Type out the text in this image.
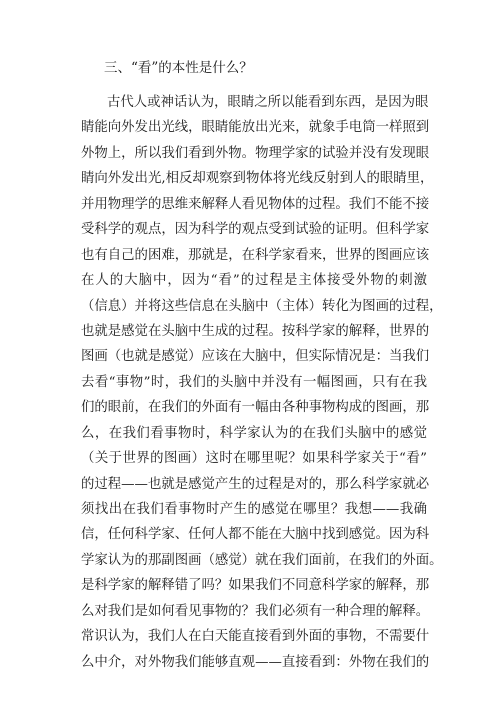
三、“看”的本性是什么？
古代人或神话认为，眼睛之所以能看到东西，是因为眼
睛能向外发出光线，眼睛能放出光来，就象手电筒一样照到
外物上，所以我们看到外物。物理学家的试验并没有发现眼
睛向外发出光,相反却观察到物体将光线反射到人的眼睛里，
并用物理学的思维来解释人看见物体的过程。我们不能不接
受科学的观点，因为科学的观点受到试验的证明。但科学家
也有自己的困难，那就是，在科学家看来，世界的图画应该
在人的大脑中，因为“看”的过程是主体接受外物的刺激
（信息）并将这些信息在头脑中（主体）转化为图画的过程，
也就是感觉在头脑中生成的过程。按科学家的解释，世界的
图画（也就是感觉）应该在大脑中，但实际情况是：当我们
去看“事物”时，我们的头脑中并没有一幅图画，只有在我
们的眼前，在我们的外面有一幅由各种事物构成的图画，那
么，在我们看事物时，科学家认为的在我们头脑中的感觉
（关于世界的图画）这时在哪里呢？如果科学家关于“看”
的过程——也就是感觉产生的过程是对的，那么科学家就必
须找出在我们看事物时产生的感觉在哪里？我想——我确
信，任何科学家、任何人都不能在大脑中找到感觉。因为科
学家认为的那副图画（感觉）就在我们面前，在我们的外面。
是科学家的解释错了吗？如果我们不同意科学家的解释，那
么对我们是如何看见事物的？我们必须有一种合理的解释。
常识认为，我们人在白天能直接看到外面的事物，不需要什
么中介，对外物我们能够直观——直接看到：外物在我们的
